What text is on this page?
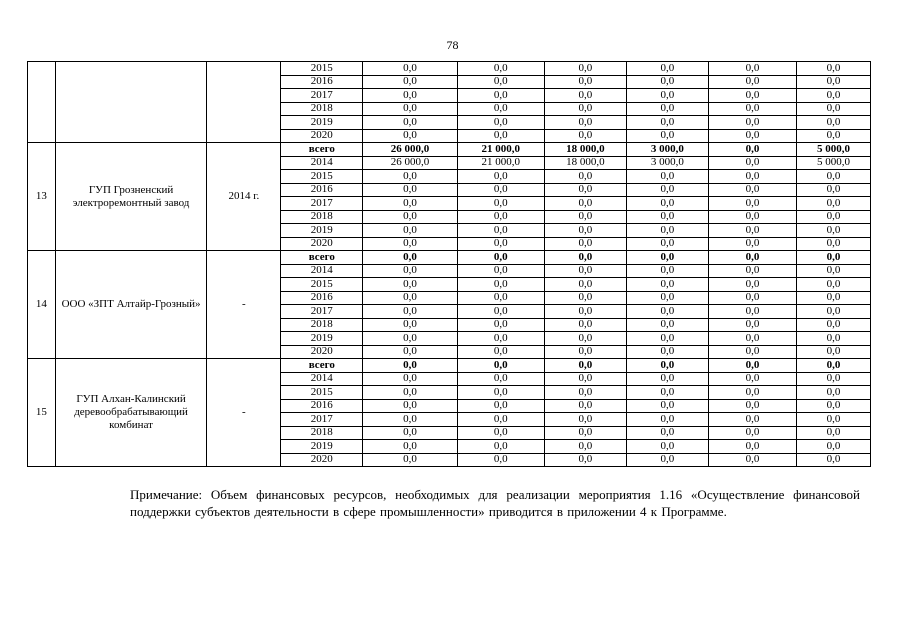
78
			2015	0,0	0,0	0,0	0,0	0,0	0,0
			2016	0,0	0,0	0,0	0,0	0,0	0,0
			2017	0,0	0,0	0,0	0,0	0,0	0,0
			2018	0,0	0,0	0,0	0,0	0,0	0,0
			2019	0,0	0,0	0,0	0,0	0,0	0,0
			2020	0,0	0,0	0,0	0,0	0,0	0,0
13	ГУП Грозненский электроремонтный завод	2014 г.	всего	26 000,0	21 000,0	18 000,0	3 000,0	0,0	5 000,0
			2014	26 000,0	21 000,0	18 000,0	3 000,0	0,0	5 000,0
			2015	0,0	0,0	0,0	0,0	0,0	0,0
			2016	0,0	0,0	0,0	0,0	0,0	0,0
			2017	0,0	0,0	0,0	0,0	0,0	0,0
			2018	0,0	0,0	0,0	0,0	0,0	0,0
			2019	0,0	0,0	0,0	0,0	0,0	0,0
			2020	0,0	0,0	0,0	0,0	0,0	0,0
14	ООО «ЗПТ Алтайр-Грозный»	-	всего	0,0	0,0	0,0	0,0	0,0	0,0
			2014	0,0	0,0	0,0	0,0	0,0	0,0
			2015	0,0	0,0	0,0	0,0	0,0	0,0
			2016	0,0	0,0	0,0	0,0	0,0	0,0
			2017	0,0	0,0	0,0	0,0	0,0	0,0
			2018	0,0	0,0	0,0	0,0	0,0	0,0
			2019	0,0	0,0	0,0	0,0	0,0	0,0
			2020	0,0	0,0	0,0	0,0	0,0	0,0
15	ГУП Алхан-Калинский деревообрабатывающий комбинат	-	всего	0,0	0,0	0,0	0,0	0,0	0,0
			2014	0,0	0,0	0,0	0,0	0,0	0,0
			2015	0,0	0,0	0,0	0,0	0,0	0,0
			2016	0,0	0,0	0,0	0,0	0,0	0,0
			2017	0,0	0,0	0,0	0,0	0,0	0,0
			2018	0,0	0,0	0,0	0,0	0,0	0,0
			2019	0,0	0,0	0,0	0,0	0,0	0,0
			2020	0,0	0,0	0,0	0,0	0,0	0,0
Примечание: Объем финансовых ресурсов, необходимых для реализации мероприятия 1.16 «Осуществление финансовой поддержки субъектов деятельности в сфере промышленности» приводится в приложении 4 к Программе.
